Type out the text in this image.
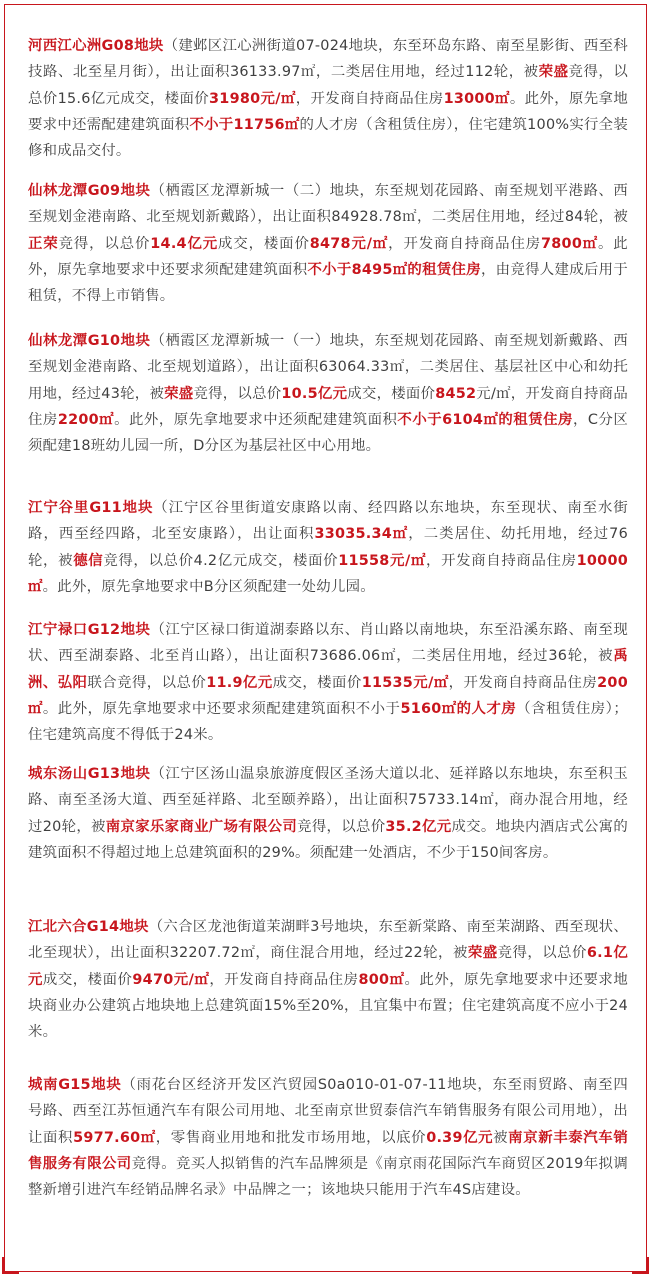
河西江心洲G08地块（建邺区江心洲街道07-024地块，东至环岛东路、南至星影街、西至科技路、北至星月街），出让面积36133.97㎡，二类居住用地，经过112轮，被荣盛竞得，以总价15.6亿元成交，楼面价31980元/㎡，开发商自持商品住房13000㎡。此外，原先拿地要求中还需配建建筑面积不小于11756㎡的人才房（含租赁住房），住宅建筑100%实行全装修和成品交付。

仙林龙潭G09地块（栖霞区龙潭新城一（二）地块，东至规划花园路、南至规划平港路、西至规划金港南路、北至规划新戴路），出让面积84928.78㎡，二类居住用地，经过84轮，被正荣竞得，以总价14.4亿元成交，楼面价8478元/㎡，开发商自持商品住房7800㎡。此外，原先拿地要求中还要求须配建建筑面积不小于8495㎡的租赁住房，由竞得人建成后用于租赁，不得上市销售。

仙林龙潭G10地块（栖霞区龙潭新城一（一）地块，东至规划花园路、南至规划新戴路、西至规划金港南路、北至规划道路），出让面积63064.33㎡，二类居住、基层社区中心和幼托用地，经过43轮，被荣盛竞得，以总价10.5亿元成交，楼面价8452元/㎡，开发商自持商品住房2200㎡。此外，原先拿地要求中还须配建建筑面积不小于6104㎡的租赁住房，C分区须配建18班幼儿园一所，D分区为基层社区中心用地。

江宁谷里G11地块（江宁区谷里街道安康路以南、经四路以东地块，东至现状、南至水街路，西至经四路，北至安康路），出让面积33035.34㎡，二类居住、幼托用地，经过76轮，被德信竞得，以总价4.2亿元成交，楼面价11558元/㎡，开发商自持商品住房10000㎡。此外，原先拿地要求中B分区须配建一处幼儿园。

江宁禄口G12地块（江宁区禄口街道湖泰路以东、肖山路以南地块，东至沿溪东路、南至现状、西至湖泰路、北至肖山路），出让面积73686.06㎡，二类居住用地，经过36轮，被禹洲、弘阳联合竞得，以总价11.9亿元成交，楼面价11535元/㎡，开发商自持商品住房200㎡。此外，原先拿地要求中还要求须配建建筑面积不小于5160㎡的人才房（含租赁住房）；住宅建筑高度不得低于24米。

城东汤山G13地块（江宁区汤山温泉旅游度假区圣汤大道以北、延祥路以东地块，东至积玉路、南至圣汤大道、西至延祥路、北至颐养路），出让面积75733.14㎡，商办混合用地，经过20轮，被南京家乐家商业广场有限公司竞得，以总价35.2亿元成交。地块内酒店式公寓的建筑面积不得超过地上总建筑面积的29%。须配建一处酒店，不少于150间客房。

江北六合G14地块（六合区龙池街道茉湖畔3号地块，东至新棠路、南至茉湖路、西至现状、北至现状），出让面积32207.72㎡，商住混合用地，经过22轮，被荣盛竞得，以总价6.1亿元成交，楼面价9470元/㎡，开发商自持商品住房800㎡。此外，原先拿地要求中还要求地块商业办公建筑占地块地上总建筑面15%至20%，且宜集中布置；住宅建筑高度不应小于24米。

城南G15地块（雨花台区经济开发区汽贸园S0a010-01-07-11地块，东至雨贸路、南至四号路、西至江苏恒通汽车有限公司用地、北至南京世贸泰信汽车销售服务有限公司用地），出让面积5977.60㎡，零售商业用地和批发市场用地，以底价0.39亿元被南京新丰泰汽车销售服务有限公司竞得。竞买人拟销售的汽车品牌须是《南京雨花国际汽车商贸区2019年拟调整新增引进汽车经销品牌名录》中品牌之一；该地块只能用于汽车4S店建设。
